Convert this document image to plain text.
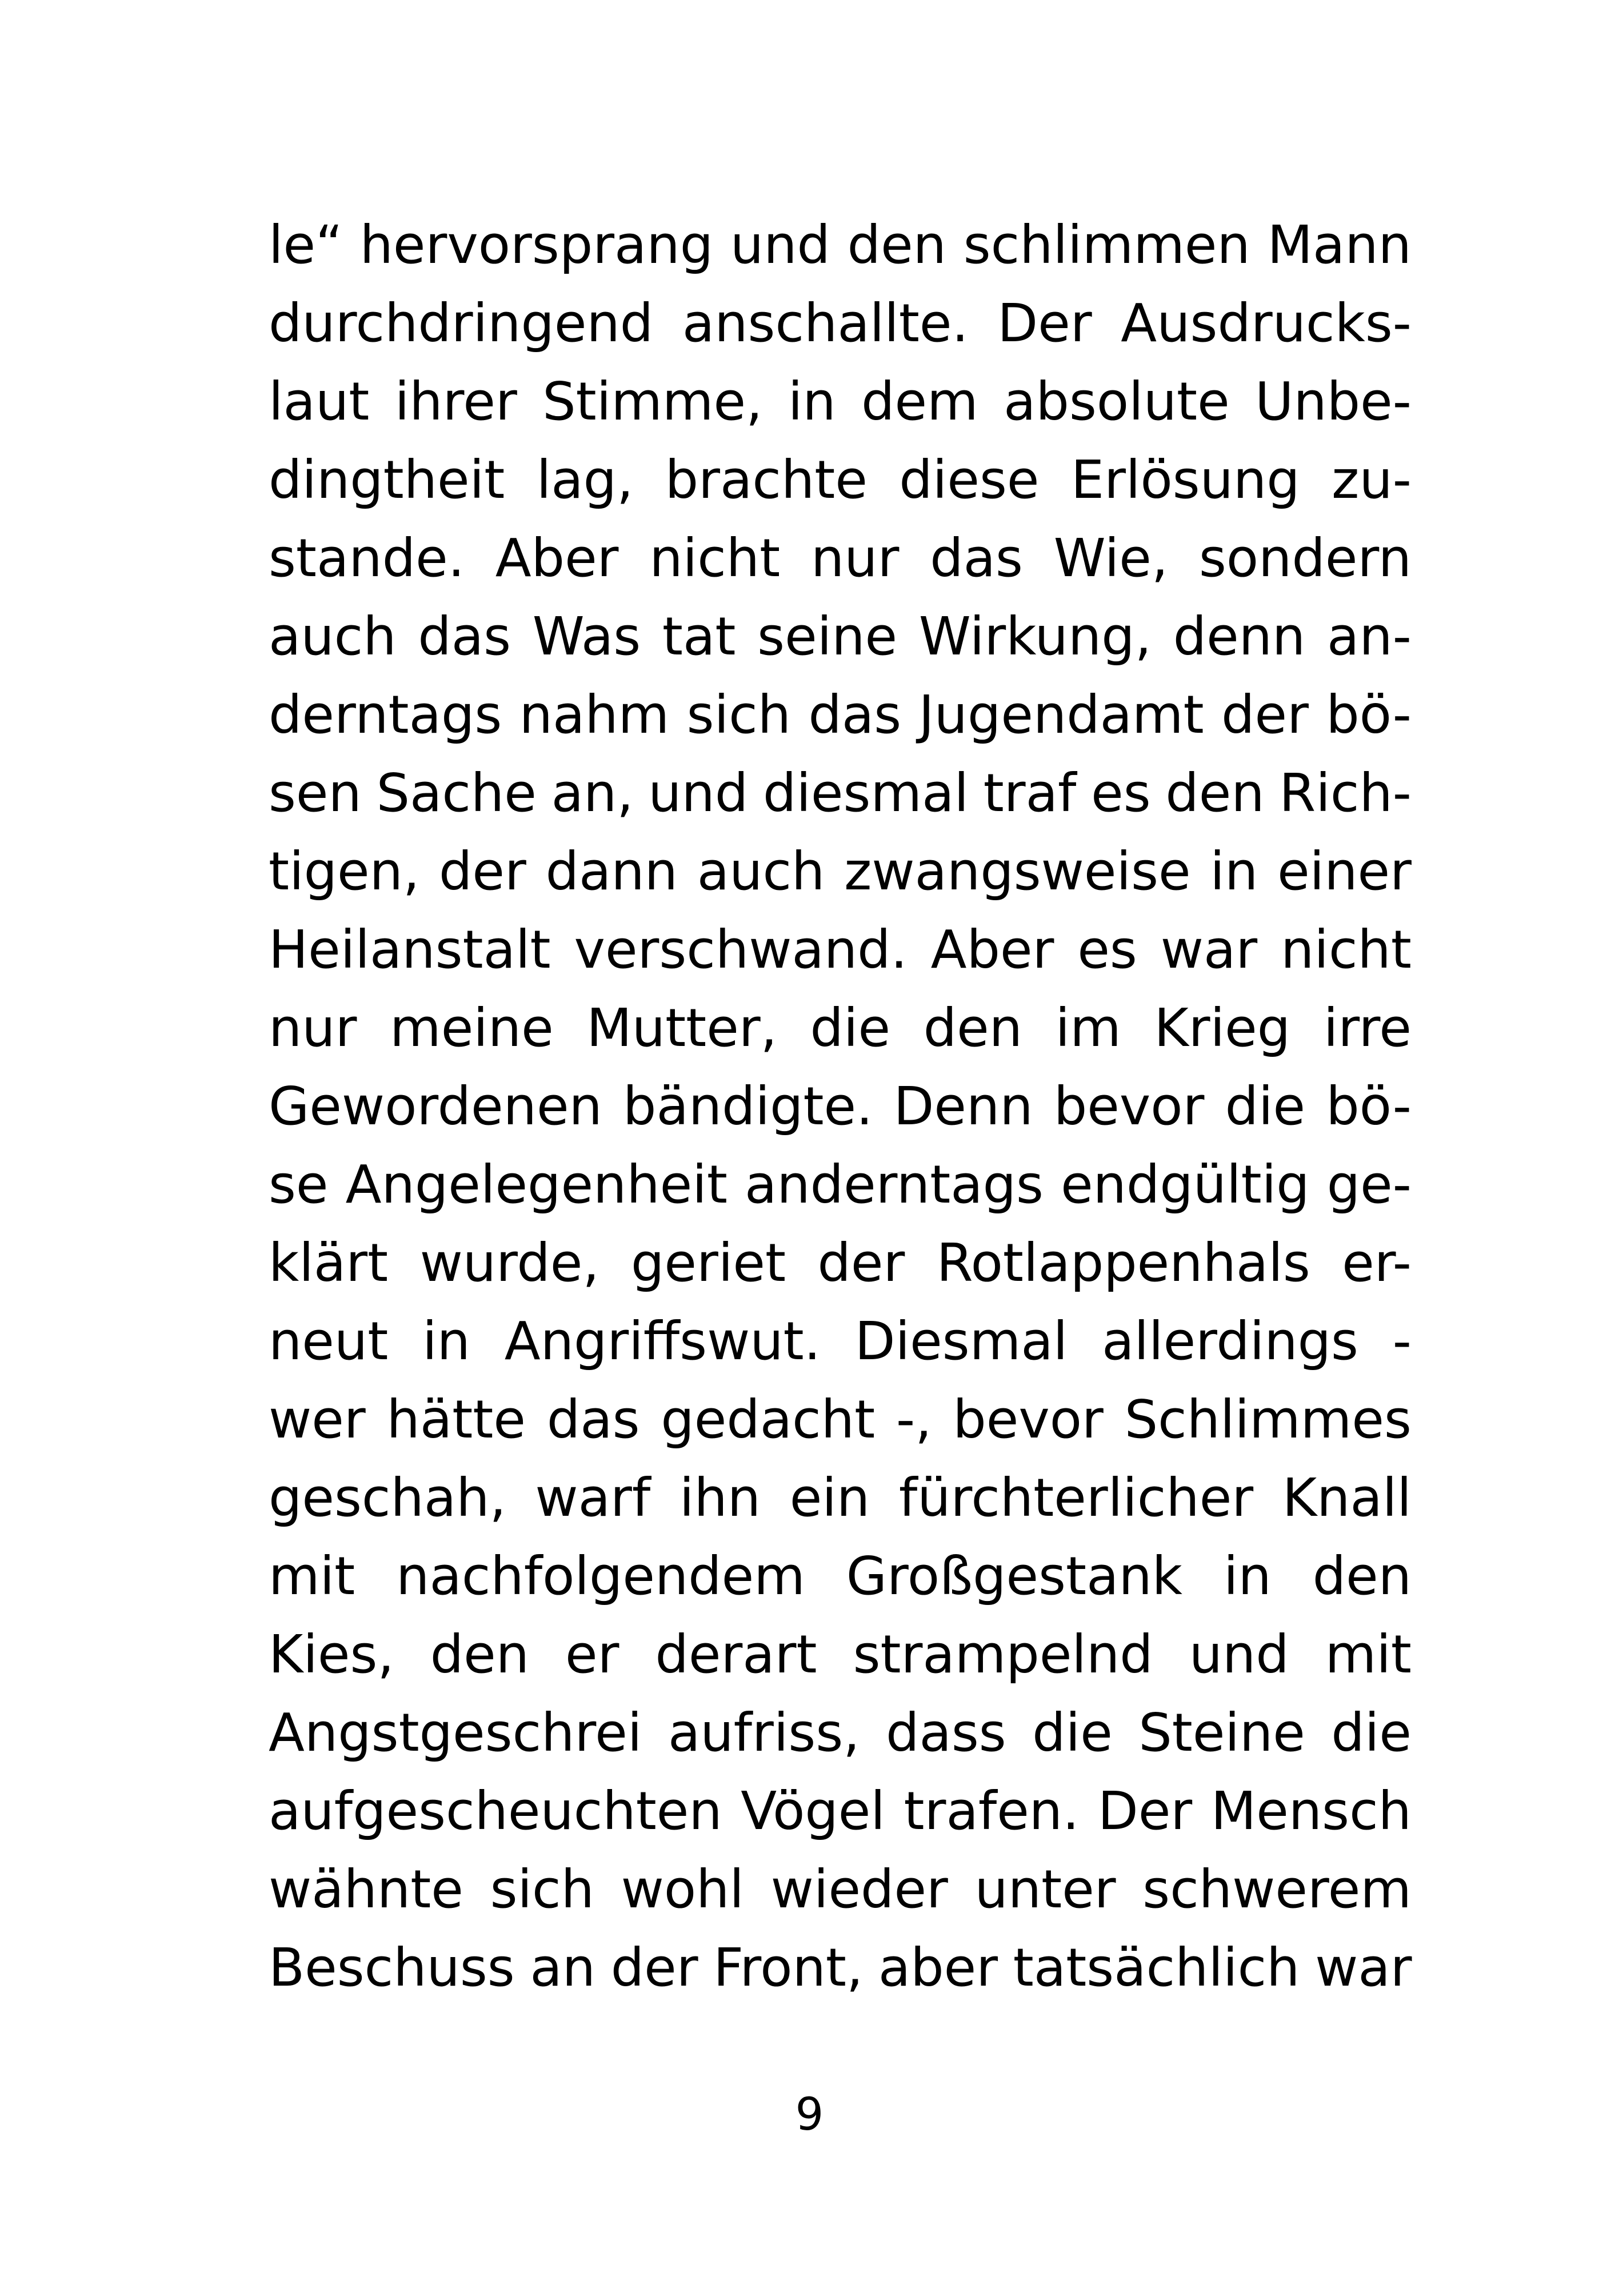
le“ hervorsprang und den schlimmen Mann
durchdringend anschallte. Der Ausdrucks-
laut ihrer Stimme, in dem absolute Unbe-
dingtheit lag, brachte diese Erlösung zu-
stande. Aber nicht nur das Wie, sondern
auch das Was tat seine Wirkung, denn an-
derntags nahm sich das Jugendamt der bö-
sen Sache an, und diesmal traf es den Rich-
tigen, der dann auch zwangsweise in einer
Heilanstalt verschwand. Aber es war nicht
nur meine Mutter, die den im Krieg irre
Gewordenen bändigte. Denn bevor die bö-
se Angelegenheit anderntags endgültig ge-
klärt wurde, geriet der Rotlappenhals er-
neut in Angriffswut. Diesmal allerdings -
wer hätte das gedacht -, bevor Schlimmes
geschah, warf ihn ein fürchterlicher Knall
mit nachfolgendem Großgestank in den
Kies, den er derart strampelnd und mit
Angstgeschrei aufriss, dass die Steine die
aufgescheuchten Vögel trafen. Der Mensch
wähnte sich wohl wieder unter schwerem
Beschuss an der Front, aber tatsächlich war
9
